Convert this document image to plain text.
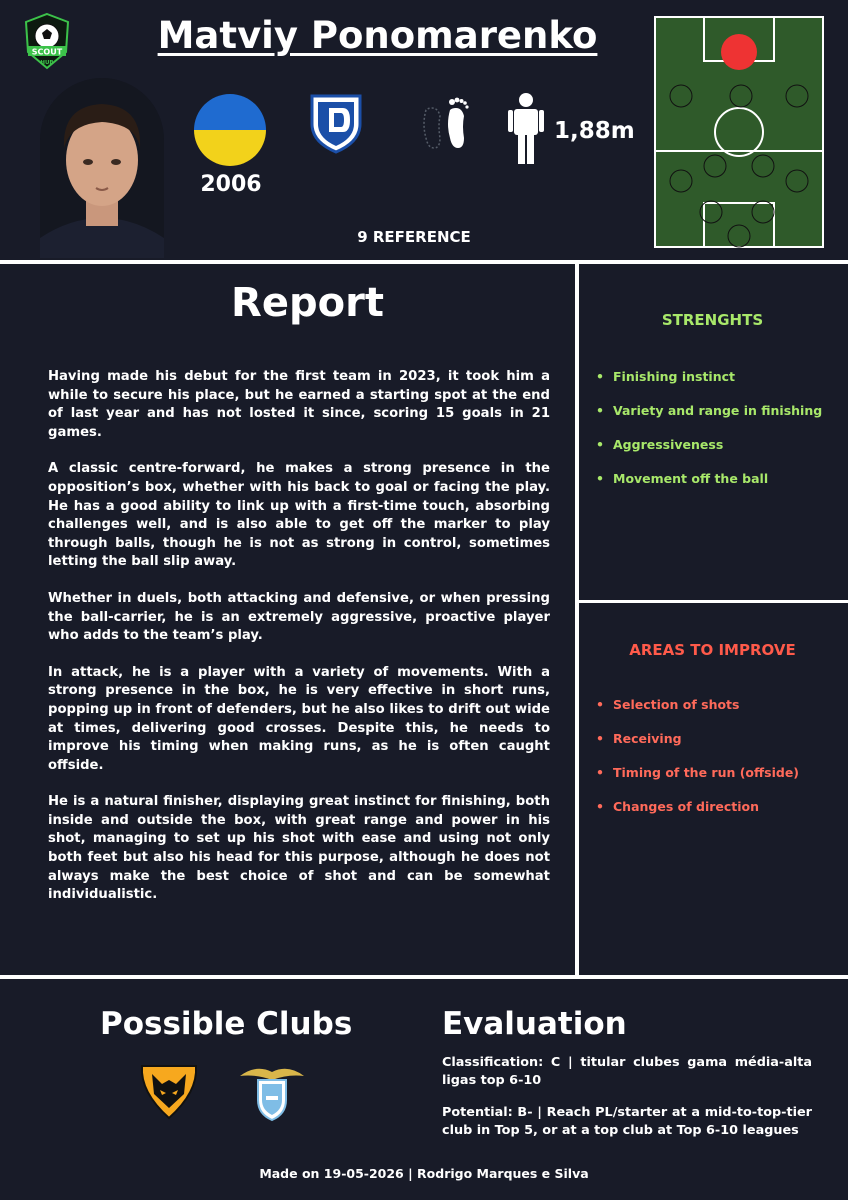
SCOUT
HUB
Matviy Ponomarenko
2006
1,88m
9 REFERENCE
Report

Having made his debut for the first team in 2023, it took him a while to secure his place, but he earned a starting spot at the end of last year and has not losted it since, scoring 15 goals in 21 games.

A classic centre-forward, he makes a strong presence in the opposition’s box, whether with his back to goal or facing the play. He has a good ability to link up with a first-time touch, absorbing challenges well, and is also able to get off the marker to play through balls, though he is not as strong in control, sometimes letting the ball slip away.

Whether in duels, both attacking and defensive, or when pressing the ball-carrier, he is an extremely aggressive, proactive player who adds to the team’s play.

In attack, he is a player with a variety of movements. With a strong presence in the box, he is very effective in short runs, popping up in front of defenders, but he also likes to drift out wide at times, delivering good crosses. Despite this, he needs to improve his timing when making runs, as he is often caught offside.

He is a natural finisher, displaying great instinct for finishing, both inside and outside the box, with great range and power in his shot, managing to set up his shot with ease and using not only both feet but also his head for this purpose, although he does not always make the best choice of shot and can be somewhat individualistic.

STRENGHTS
• Finishing instinct
• Variety and range in finishing
• Aggressiveness
• Movement off the ball
AREAS TO IMPROVE
• Selection of shots
• Receiving
• Timing of the run (offside)
• Changes of direction
Possible Clubs	Evaluation
Classification: C | titular clubes gama média-alta ligas top 6-10
Potential: B- | Reach PL/starter at a mid-to-top-tier club in Top 5, or at a top club at Top 6-10 leagues
Made on 19-05-2026 | Rodrigo Marques e Silva
